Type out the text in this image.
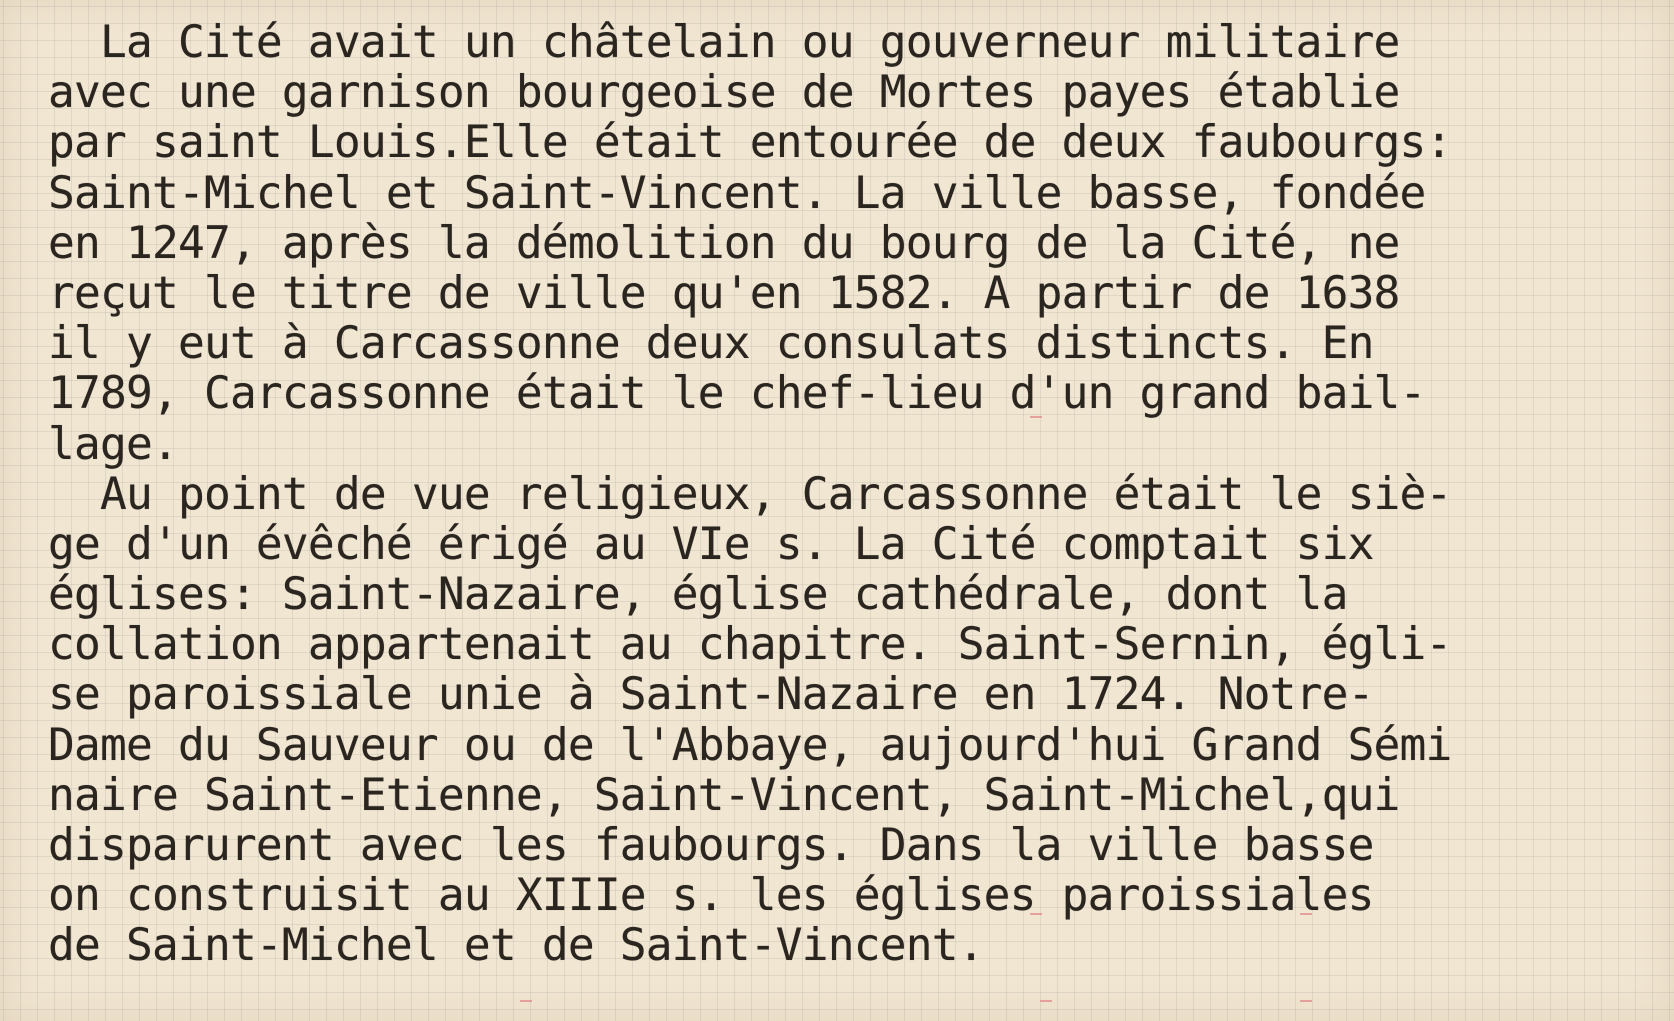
La Cité avait un châtelain ou gouverneur militaire
avec une garnison bourgeoise de Mortes payes établie
par saint Louis.Elle était entourée de deux faubourgs:
Saint-Michel et Saint-Vincent. La ville basse, fondée
en 1247, après la démolition du bourg de la Cité, ne
reçut le titre de ville qu'en 1582. A partir de 1638
il y eut à Carcassonne deux consulats distincts. En
1789, Carcassonne était le chef-lieu d'un grand bail-
lage.
Au point de vue religieux, Carcassonne était le siè-
ge d'un évêché érigé au VIe s. La Cité comptait six
églises: Saint-Nazaire, église cathédrale, dont la
collation appartenait au chapitre. Saint-Sernin, égli-
se paroissiale unie à Saint-Nazaire en 1724. Notre-
Dame du Sauveur ou de l'Abbaye, aujourd'hui Grand Sémi
naire Saint-Etienne, Saint-Vincent, Saint-Michel,qui
disparurent avec les faubourgs. Dans la ville basse
on construisit au XIIIe s. les églises paroissiales
de Saint-Michel et de Saint-Vincent.
